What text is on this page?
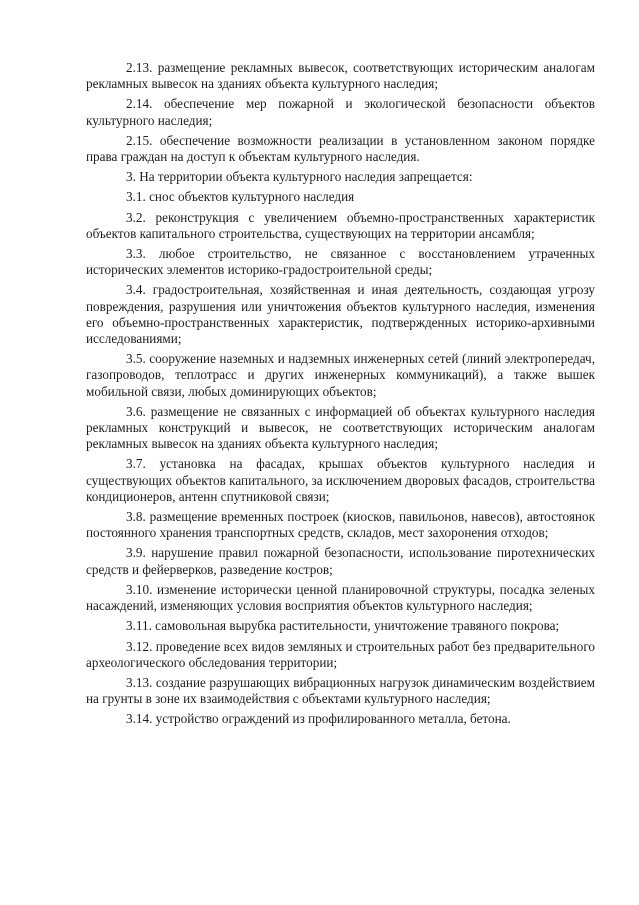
2.13. размещение рекламных вывесок, соответствующих историческим аналогам рекламных вывесок на зданиях объекта культурного наследия;

2.14. обеспечение мер пожарной и экологической безопасности объектов культурного наследия;

2.15. обеспечение возможности реализации в установленном законом порядке права граждан на доступ к объектам культурного наследия.

3. На территории объекта культурного наследия запрещается:

3.1. снос объектов культурного наследия

3.2. реконструкция с увеличением объемно-пространственных характеристик объектов капитального строительства, существующих на территории ансамбля;

3.3. любое строительство, не связанное с восстановлением утраченных исторических элементов историко-градостроительной среды;

3.4. градостроительная, хозяйственная и иная деятельность, создающая угрозу повреждения, разрушения или уничтожения объектов культурного наследия, изменения его объемно-пространственных характеристик, подтвержденных историко-архивными исследованиями;

3.5. сооружение наземных и надземных инженерных сетей (линий электропередач, газопроводов, теплотрасс и других инженерных коммуникаций), а также вышек мобильной связи, любых доминирующих объектов;

3.6. размещение не связанных с информацией об объектах культурного наследия рекламных конструкций и вывесок, не соответствующих историческим аналогам рекламных вывесок на зданиях объекта культурного наследия;

3.7. установка на фасадах, крышах объектов культурного наследия и существующих объектов капитального, за исключением дворовых фасадов, строительства кондиционеров, антенн спутниковой связи;

3.8. размещение временных построек (киосков, павильонов, навесов), автостоянок постоянного хранения транспортных средств, складов, мест захоронения отходов;

3.9. нарушение правил пожарной безопасности, использование пиротехнических средств и фейерверков, разведение костров;

3.10. изменение исторически ценной планировочной структуры, посадка зеленых насаждений, изменяющих условия восприятия объектов культурного наследия;

3.11. самовольная вырубка растительности, уничтожение травяного покрова;

3.12. проведение всех видов земляных и строительных работ без предварительного археологического обследования территории;

3.13. создание разрушающих вибрационных нагрузок динамическим воздействием на грунты в зоне их взаимодействия с объектами культурного наследия;

3.14. устройство ограждений из профилированного металла, бетона.
